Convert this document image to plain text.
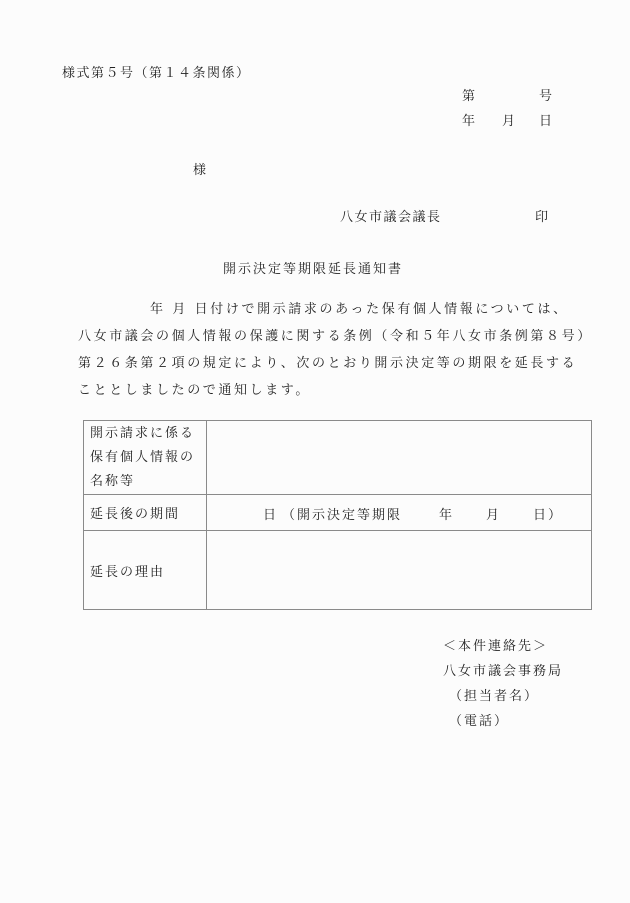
様式第５号（第１４条関係）
第	号
年 月 日
様
八女市議会議長	印
開示決定等期限延長通知書
年 月 日付けで開示請求のあった保有個人情報については、
八女市議会の個人情報の保護に関する条例（令和５年八女市条例第８号）
第２６条第２項の規定により、次のとおり開示決定等の期限を延長する
こととしましたので通知します。
開示請求に係る
保有個人情報の
名称等	

延長後の期間	日 （開示決定等期限 年 月 日）

延長の理由	
＜本件連絡先＞
八女市議会事務局
（担当者名）
（電話）
